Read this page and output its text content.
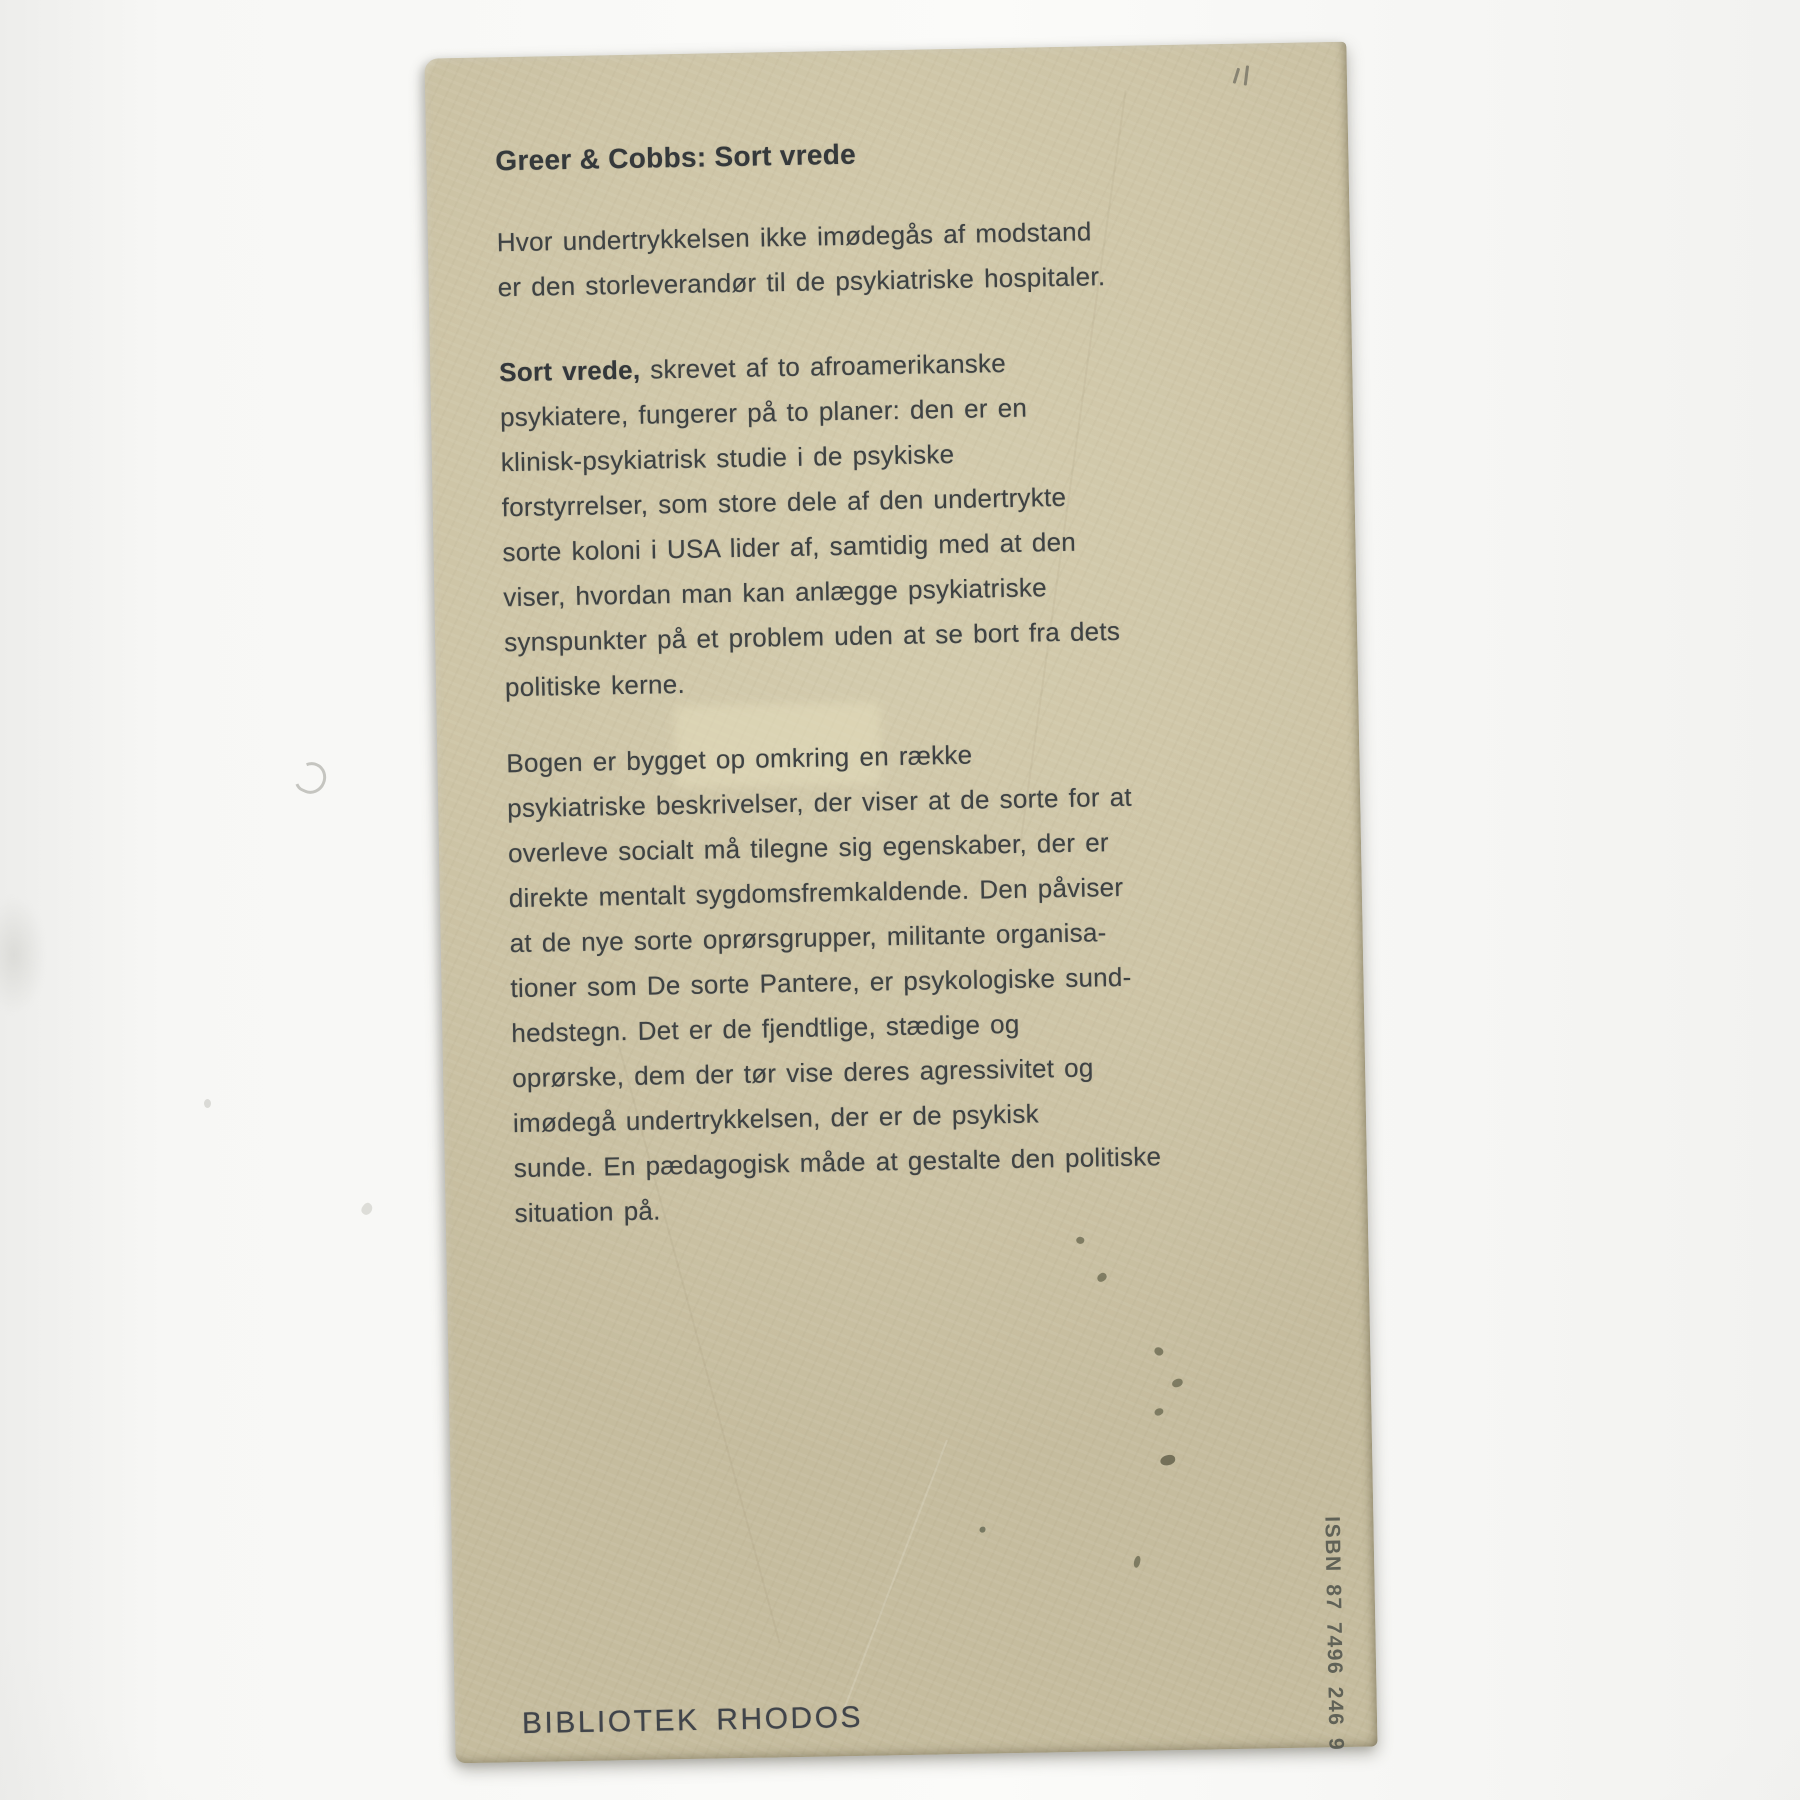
Greer & Cobbs: Sort vrede
Hvor undertrykkelsen ikke imødegås af modstand
er den storleverandør til de psykiatriske hospitaler.
Sort vrede, skrevet af to afroamerikanske
psykiatere, fungerer på to planer: den er en
klinisk-psykiatrisk studie i de psykiske
forstyrrelser, som store dele af den undertrykte
sorte koloni i USA lider af, samtidig med at den
viser, hvordan man kan anlægge psykiatriske
synspunkter på et problem uden at se bort fra dets
politiske kerne.
Bogen er bygget op omkring en række
psykiatriske beskrivelser, der viser at de sorte for at
overleve socialt må tilegne sig egenskaber, der er
direkte mentalt sygdomsfremkaldende. Den påviser
at de nye sorte oprørsgrupper, militante organisa-
tioner som De sorte Pantere, er psykologiske sund-
hedstegn. Det er de fjendtlige, stædige og
oprørske, dem der tør vise deres agressivitet og
imødegå undertrykkelsen, der er de psykisk
sunde. En pædagogisk måde at gestalte den politiske
situation på.
BIBLIOTEK RHODOS	ISBN 87 7496 246 9
